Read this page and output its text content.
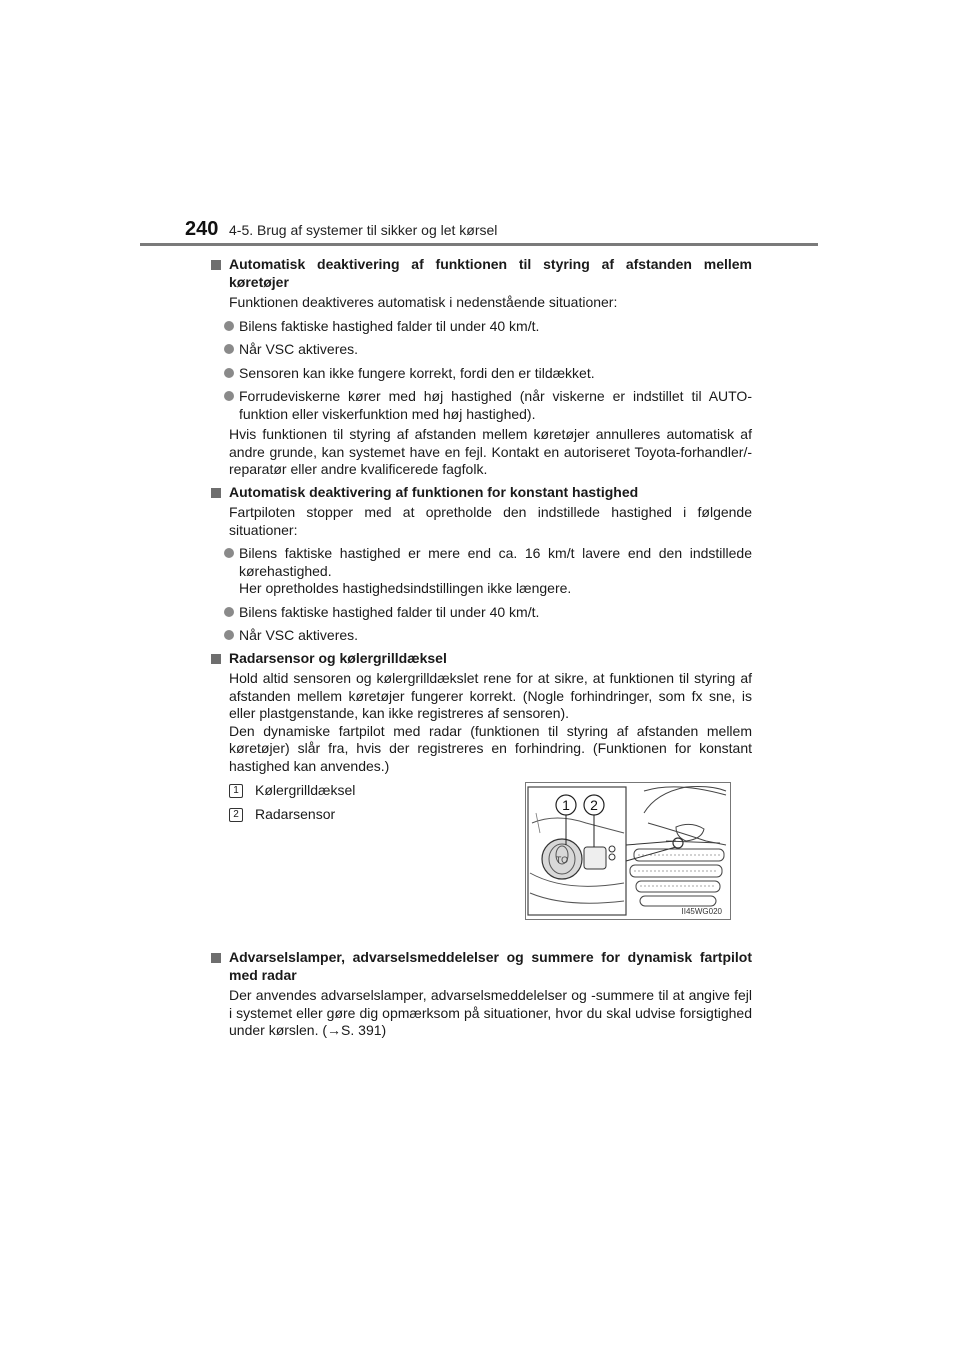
240 4-5. Brug af systemer til sikker og let kørsel

Automatisk deaktivering af funktionen til styring af afstanden mellem køretøjer

Funktionen deaktiveres automatisk i nedenstående situationer:

Bilens faktiske hastighed falder til under 40 km/t.
Når VSC aktiveres.
Sensoren kan ikke fungere korrekt, fordi den er tildækket.
Forrudeviskerne kører med høj hastighed (når viskerne er indstillet til AUTO-funktion eller viskerfunktion med høj hastighed).

Hvis funktionen til styring af afstanden mellem køretøjer annulleres automatisk af andre grunde, kan systemet have en fejl. Kontakt en autoriseret Toyota-forhandler/-reparatør eller andre kvalificerede fagfolk.

Automatisk deaktivering af funktionen for konstant hastighed

Fartpiloten stopper med at opretholde den indstillede hastighed i følgende situationer:

Bilens faktiske hastighed er mere end ca. 16 km/t lavere end den indstillede kørehastighed.
Her opretholdes hastighedsindstillingen ikke længere.
Bilens faktiske hastighed falder til under 40 km/t.
Når VSC aktiveres.

Radarsensor og kølergrilldæksel

Hold altid sensoren og kølergrilldækslet rene for at sikre, at funktionen til styring af afstanden mellem køretøjer fungerer korrekt. (Nogle forhindringer, som fx sne, is eller plastgenstande, kan ikke registreres af sensoren).

Den dynamiske fartpilot med radar (funktionen til styring af afstanden mellem køretøjer) slår fra, hvis der registreres en forhindring. (Funktionen for konstant hastighed kan anvendes.)

1	Kølergrilldæksel
2	Radarsensor

Advarselslamper, advarselsmeddelelser og summere for dynamisk fartpilot med radar

Der anvendes advarselslamper, advarselsmeddelelser og -summere til at angive fejl i systemet eller gøre dig opmærksom på situationer, hvor du skal udvise forsigtighed under kørslen. (→S. 391)

1 2
TO
II45WG020
